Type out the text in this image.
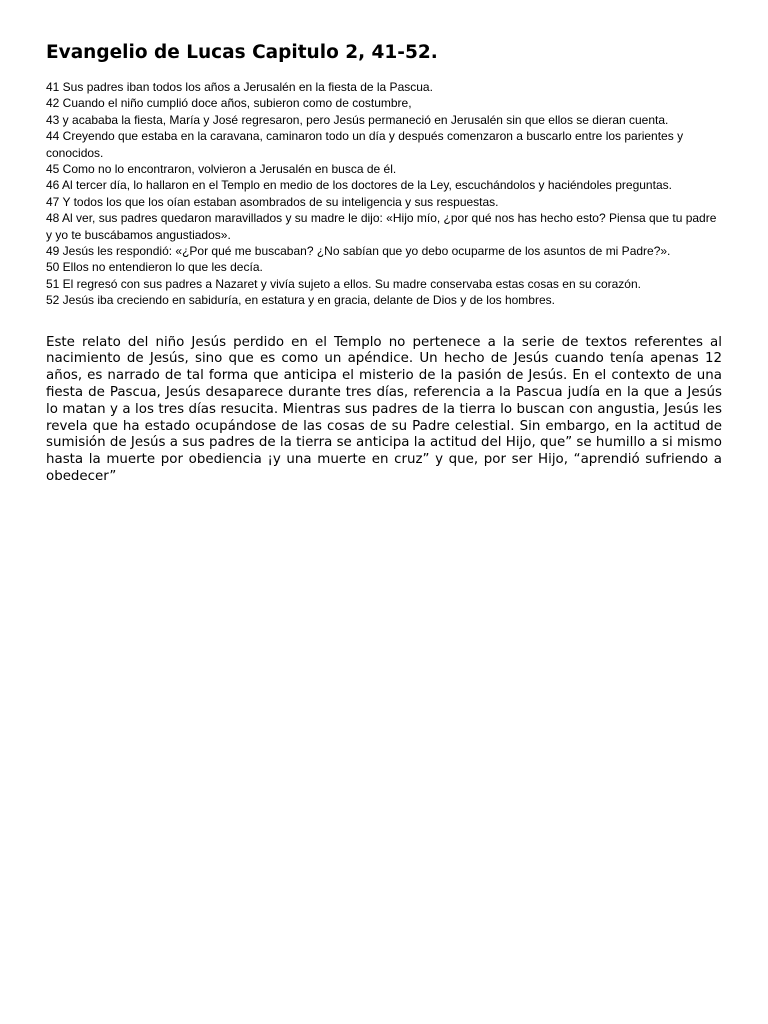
Evangelio de Lucas Capitulo 2, 41-52.

41 Sus padres iban todos los años a Jerusalén en la fiesta de la Pascua.

42 Cuando el niño cumplió doce años, subieron como de costumbre,

43 y acababa la fiesta, María y José regresaron, pero Jesús permaneció en Jerusalén sin que ellos se dieran cuenta.

44 Creyendo que estaba en la caravana, caminaron todo un día y después comenzaron a buscarlo entre los parientes y conocidos.

45 Como no lo encontraron, volvieron a Jerusalén en busca de él.

46 Al tercer día, lo hallaron en el Templo en medio de los doctores de la Ley, escuchándolos y haciéndoles preguntas.

47 Y todos los que los oían estaban asombrados de su inteligencia y sus respuestas.

48 Al ver, sus padres quedaron maravillados y su madre le dijo: «Hijo mío, ¿por qué nos has hecho esto? Piensa que tu padre y yo te buscábamos angustiados».

49 Jesús les respondió: «¿Por qué me buscaban? ¿No sabían que yo debo ocuparme de los asuntos de mi Padre?».

50 Ellos no entendieron lo que les decía.

51 El regresó con sus padres a Nazaret y vivía sujeto a ellos. Su madre conservaba estas cosas en su corazón.

52 Jesús iba creciendo en sabiduría, en estatura y en gracia, delante de Dios y de los hombres.

Este relato del niño Jesús perdido en el Templo no pertenece a la serie de textos referentes al nacimiento de Jesús, sino que es como un apéndice. Un hecho de Jesús cuando tenía apenas 12 años, es narrado de tal forma que anticipa el misterio de la pasión de Jesús. En el contexto de una fiesta de Pascua, Jesús desaparece durante tres días, referencia a la Pascua judía en la que a Jesús lo matan y a los tres días resucita. Mientras sus padres de la tierra lo buscan con angustia, Jesús les revela que ha estado ocupándose de las cosas de su Padre celestial. Sin embargo, en la actitud de sumisión de Jesús a sus padres de la tierra se anticipa la actitud del Hijo, que” se humillo a si mismo hasta la muerte por obediencia ¡y una muerte en cruz” y que, por ser Hijo, “aprendió sufriendo a obedecer”
